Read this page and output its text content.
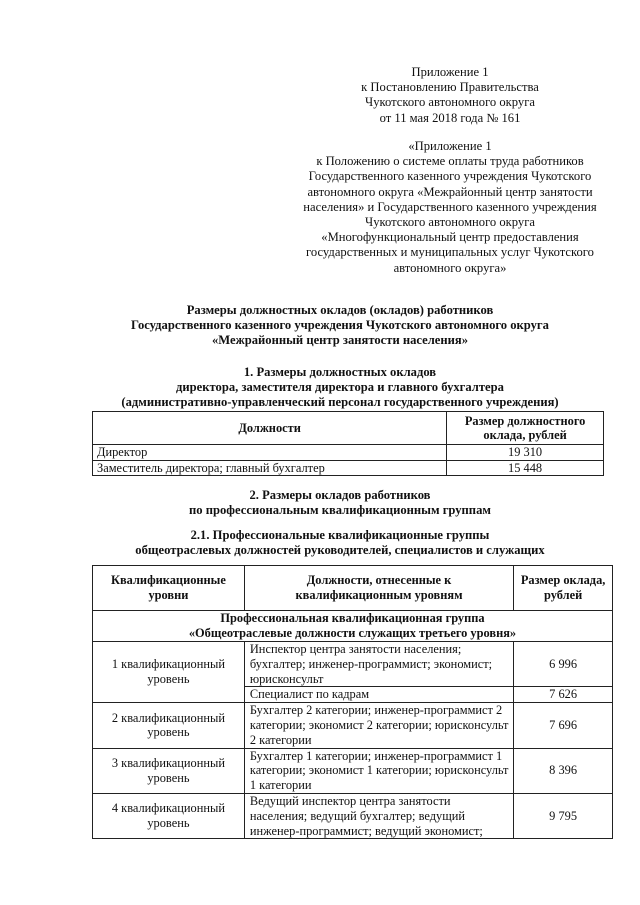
Приложение 1
к Постановлению Правительства
Чукотского автономного округа
от 11 мая 2018 года № 161
«Приложение 1
к Положению о системе оплаты труда работников
Государственного казенного учреждения Чукотского
автономного округа «Межрайонный центр занятости
населения» и Государственного казенного учреждения
Чукотского автономного округа
«Многофункциональный центр предоставления
государственных и муниципальных услуг Чукотского
автономного округа»
Размеры должностных окладов (окладов) работников
Государственного казенного учреждения Чукотского автономного округа
«Межрайонный центр занятости населения»
1. Размеры должностных окладов
директора, заместителя директора и главного бухгалтера
(административно-управленческий персонал государственного учреждения)
Должности	Размер должностного оклада, рублей
Директор	19 310
Заместитель директора; главный бухгалтер	15 448
2. Размеры окладов работников
по профессиональным квалификационным группам
2.1. Профессиональные квалификационные группы
общеотраслевых должностей руководителей, специалистов и служащих
Квалификационные уровни	Должности, отнесенные к квалификационным уровням	Размер оклада, рублей

Профессиональная квалификационная группа
«Общеотраслевые должности служащих третьего уровня»		

1 квалификационный уровень	Инспектор центра занятости населения; бухгалтер; инженер-программист; экономист; юрисконсульт	6 996
	Специалист по кадрам	7 626
2 квалификационный уровень	Бухгалтер 2 категории; инженер-программист 2 категории; экономист 2 категории; юрисконсульт 2 категории	7 696
3 квалификационный уровень	Бухгалтер 1 категории; инженер-программист 1 категории; экономист 1 категории; юрисконсульт 1 категории	8 396
4 квалификационный уровень	Ведущий инспектор центра занятости населения; ведущий бухгалтер; ведущий инженер-программист; ведущий экономист;	9 795
